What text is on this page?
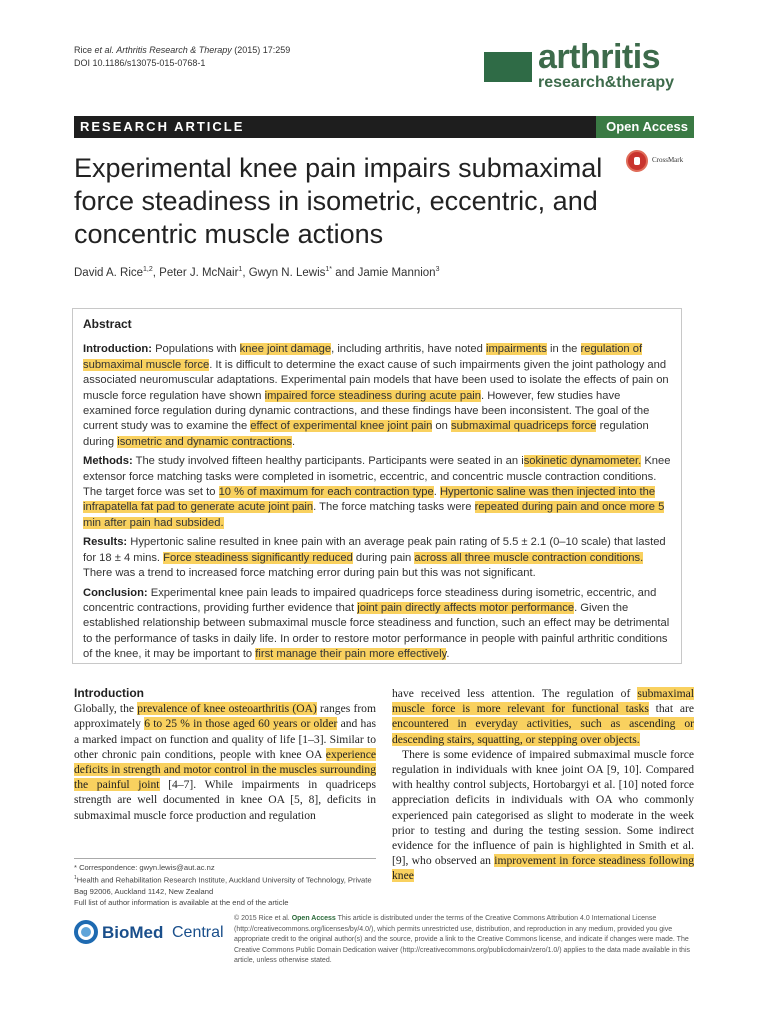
Rice et al. Arthritis Research & Therapy (2015) 17:259
DOI 10.1186/s13075-015-0768-1	arthritis
research&therapy
RESEARCH ARTICLE	Open Access
CrossMark
Experimental knee pain impairs submaximal force steadiness in isometric, eccentric, and concentric muscle actions
David A. Rice$^{1,2}$, Peter J. McNair$^1$, Gwyn N. Lewis$^{1*}$ and Jamie Mannion$^3$
Abstract

Introduction: Populations with knee joint damage, including arthritis, have noted impairments in the regulation of submaximal muscle force. It is difficult to determine the exact cause of such impairments given the joint pathology and associated neuromuscular adaptations. Experimental pain models that have been used to isolate the effects of pain on muscle force regulation have shown impaired force steadiness during acute pain. However, few studies have examined force regulation during dynamic contractions, and these findings have been inconsistent. The goal of the current study was to examine the effect of experimental knee joint pain on submaximal quadriceps force regulation during isometric and dynamic contractions.

Methods: The study involved fifteen healthy participants. Participants were seated in an isokinetic dynamometer. Knee extensor force matching tasks were completed in isometric, eccentric, and concentric muscle contraction conditions. The target force was set to 10 % of maximum for each contraction type. Hypertonic saline was then injected into the infrapatella fat pad to generate acute joint pain. The force matching tasks were repeated during pain and once more 5 min after pain had subsided.

Results: Hypertonic saline resulted in knee pain with an average peak pain rating of 5.5 ± 2.1 (0–10 scale) that lasted for 18 ± 4 mins. Force steadiness significantly reduced during pain across all three muscle contraction conditions. There was a trend to increased force matching error during pain but this was not significant.

Conclusion: Experimental knee pain leads to impaired quadriceps force steadiness during isometric, eccentric, and concentric contractions, providing further evidence that joint pain directly affects motor performance. Given the established relationship between submaximal muscle force steadiness and function, such an effect may be detrimental to the performance of tasks in daily life. In order to restore motor performance in people with painful arthritic conditions of the knee, it may be important to first manage their pain more effectively.

Introduction

Globally, the prevalence of knee osteoarthritis (OA) ranges from approximately 6 to 25 % in those aged 60 years or older and has a marked impact on function and quality of life [1–3]. Similar to other chronic pain conditions, people with knee OA experience deficits in strength and motor control in the muscles surrounding the painful joint [4–7]. While impairments in quadriceps strength are well documented in knee OA [5, 8], deficits in submaximal muscle force production and regulation

have received less attention. The regulation of submaximal muscle force is more relevant for functional tasks that are encountered in everyday activities, such as ascending or descending stairs, squatting, or stepping over objects.

There is some evidence of impaired submaximal muscle force regulation in individuals with knee joint OA [9, 10]. Compared with healthy control subjects, Hortobargyi et al. [10] noted force appreciation deficits in individuals with OA who commonly experienced pain categorised as slight to moderate in the week prior to testing and during the testing session. Some indirect evidence for the influence of pain is highlighted in Smith et al. [9], who observed an improvement in force steadiness following knee

* Correspondence: gwyn.lewis@aut.ac.nz
$^1$Health and Rehabilitation Research Institute, Auckland University of Technology, Private Bag 92006, Auckland 1142, New Zealand
Full list of author information is available at the end of the article
BioMed Central
© 2015 Rice et al. Open Access This article is distributed under the terms of the Creative Commons Attribution 4.0 International License (http://creativecommons.org/licenses/by/4.0/), which permits unrestricted use, distribution, and reproduction in any medium, provided you give appropriate credit to the original author(s) and the source, provide a link to the Creative Commons license, and indicate if changes were made. The Creative Commons Public Domain Dedication waiver (http://creativecommons.org/publicdomain/zero/1.0/) applies to the data made available in this article, unless otherwise stated.
